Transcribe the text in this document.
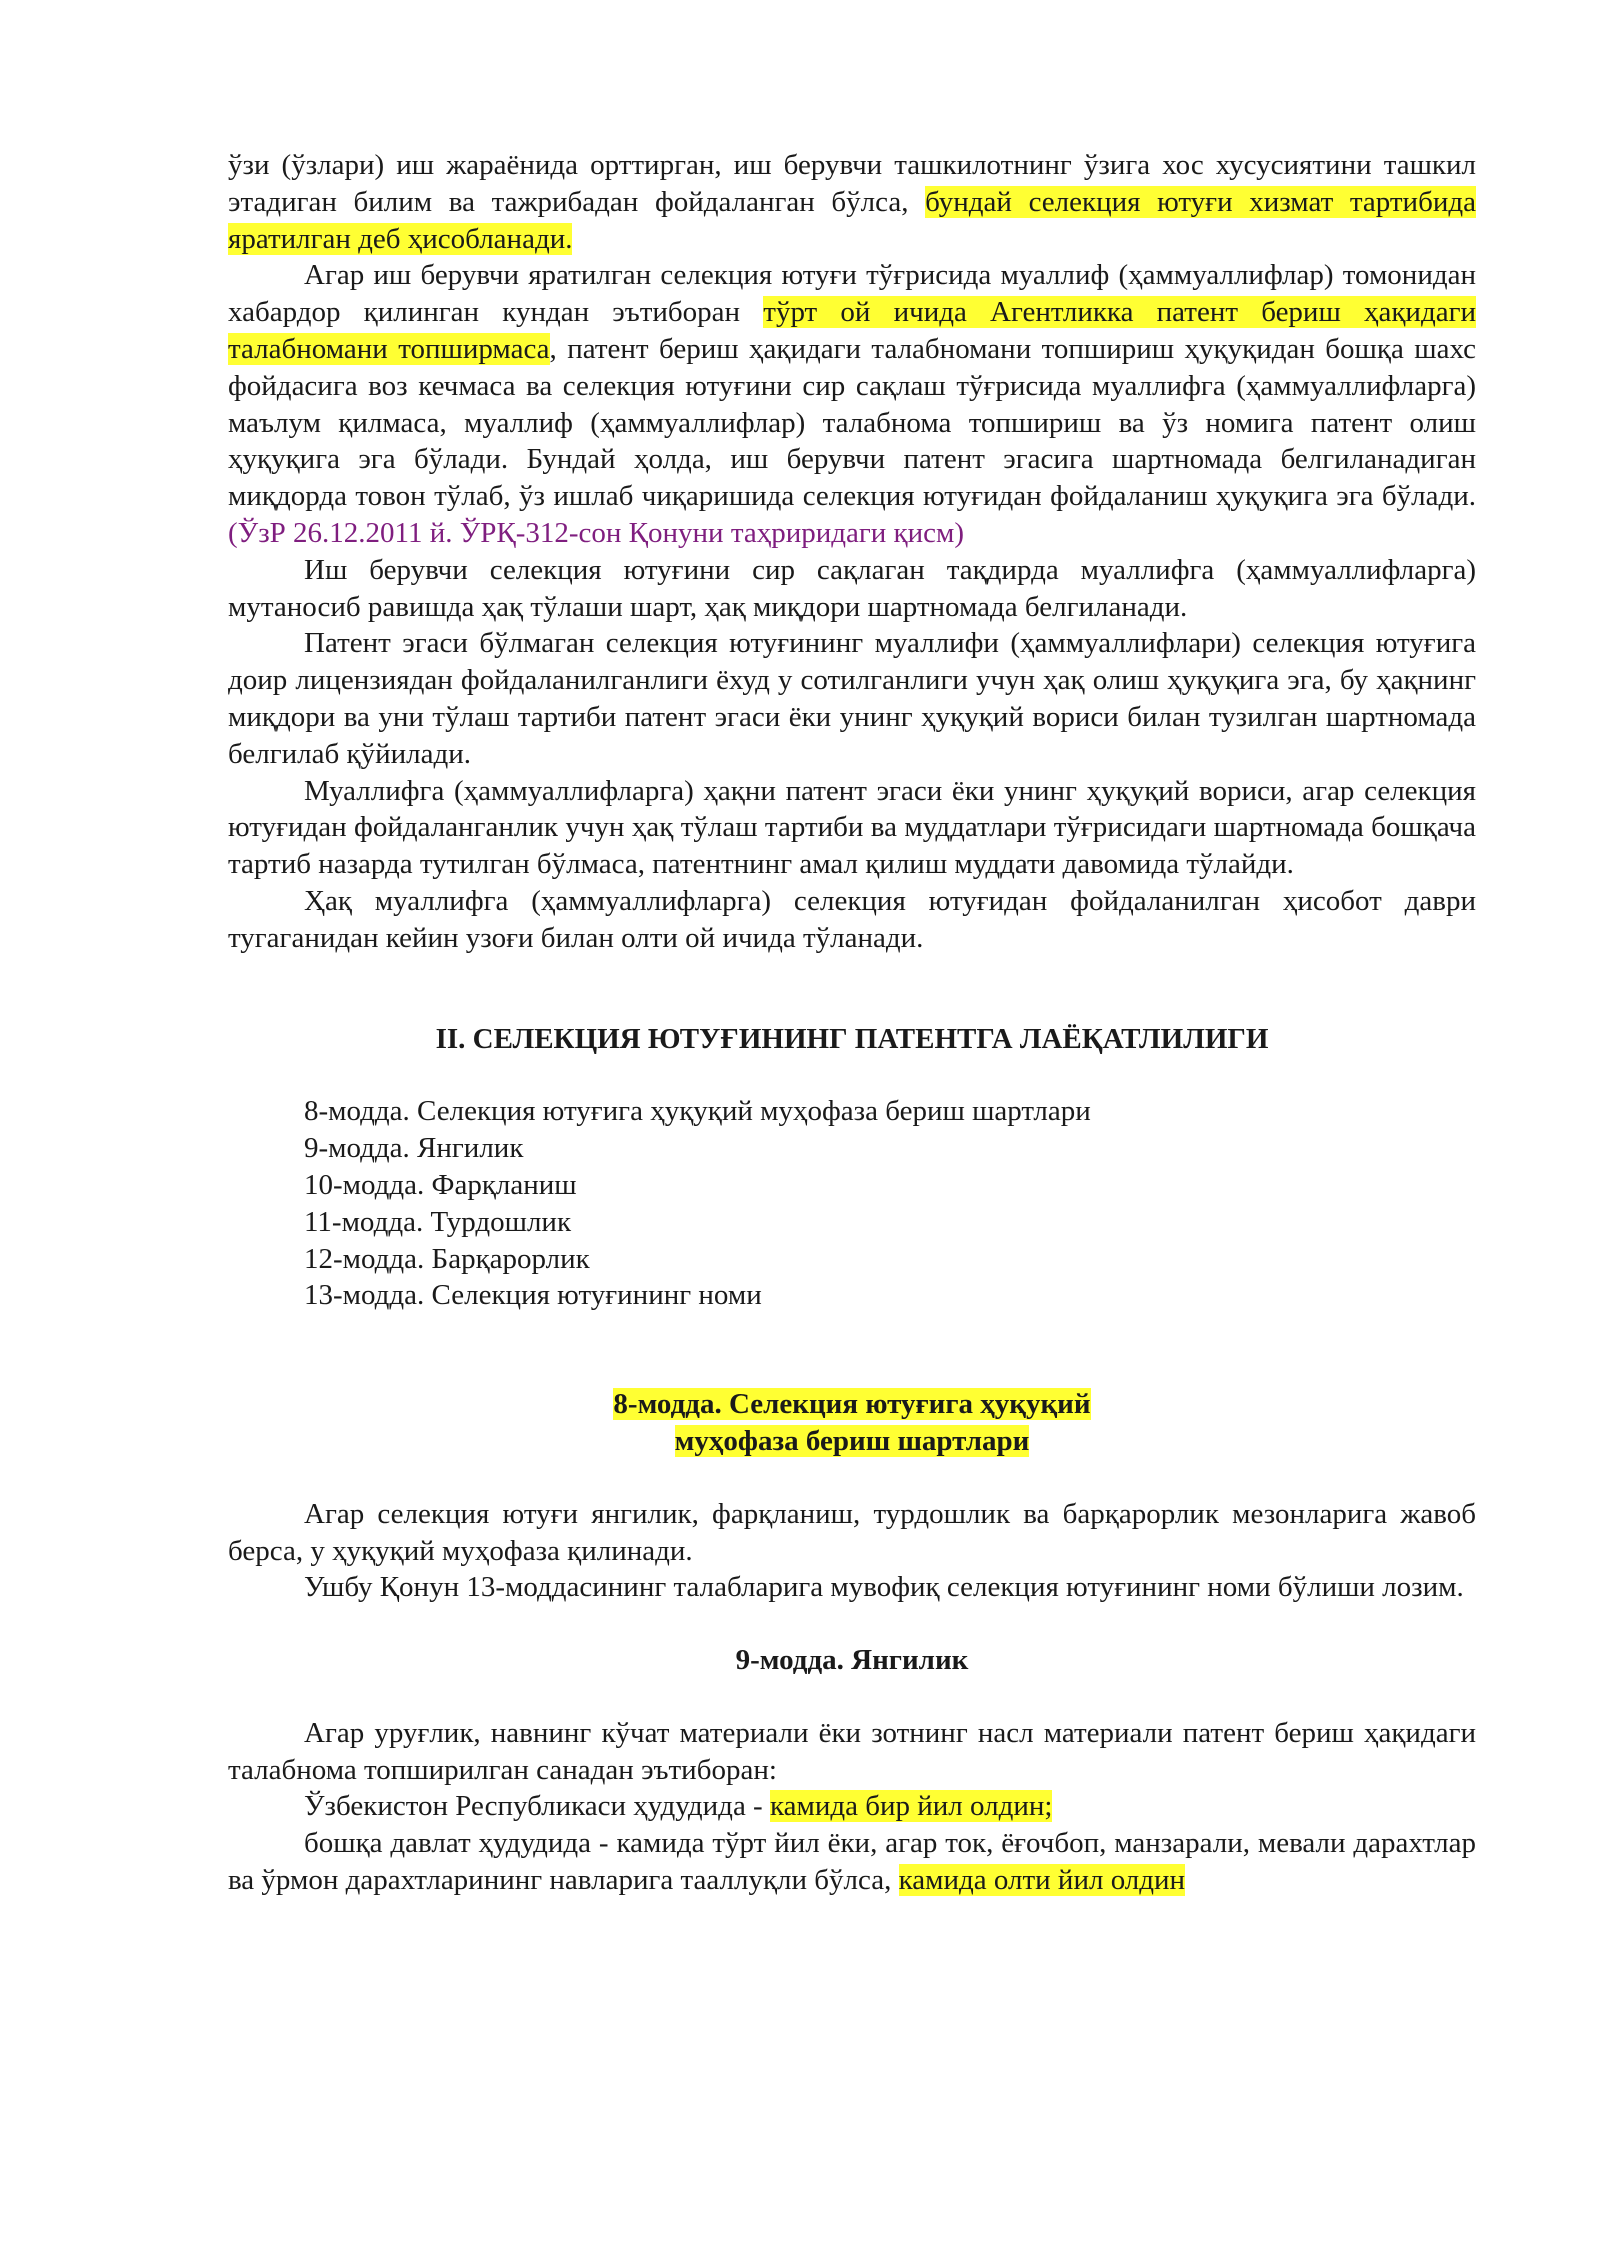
ўзи (ўзлари) иш жараёнида орттирган, иш берувчи ташкилотнинг ўзига хос хусусиятини ташкил этадиган билим ва тажрибадан фойдаланган бўлса, бундай селекция ютуғи хизмат тартибида яратилган деб ҳисобланади.

Агар иш берувчи яратилган селекция ютуғи тўғрисида муаллиф (ҳаммуаллифлар) томонидан хабардор қилинган кундан эътиборан тўрт ой ичида Агентликка патент бериш ҳақидаги талабномани топширмаса, патент бериш ҳақидаги талабномани топшириш ҳуқуқидан бошқа шахс фойдасига воз кечмаса ва селекция ютуғини сир сақлаш тўғрисида муаллифга (ҳаммуаллифларга) маълум қилмаса, муаллиф (ҳаммуаллифлар) талабнома топшириш ва ўз номига патент олиш ҳуқуқига эга бўлади. Бундай ҳолда, иш берувчи патент эгасига шартномада белгиланадиган миқдорда товон тўлаб, ўз ишлаб чиқаришида селекция ютуғидан фойдаланиш ҳуқуқига эга бўлади. (ЎзР 26.12.2011 й. ЎРҚ-312-сон Қонуни таҳриридаги қисм)

Иш берувчи селекция ютуғини сир сақлаган тақдирда муаллифга (ҳаммуаллифларга) мутаносиб равишда ҳақ тўлаши шарт, ҳақ миқдори шартномада белгиланади.

Патент эгаси бўлмаган селекция ютуғининг муаллифи (ҳаммуаллифлари) селекция ютуғига доир лицензиядан фойдаланилганлиги ёхуд у сотилганлиги учун ҳақ олиш ҳуқуқига эга, бу ҳақнинг миқдори ва уни тўлаш тартиби патент эгаси ёки унинг ҳуқуқий вориси билан тузилган шартномада белгилаб қўйилади.

Муаллифга (ҳаммуаллифларга) ҳақни патент эгаси ёки унинг ҳуқуқий вориси, агар селекция ютуғидан фойдаланганлик учун ҳақ тўлаш тартиби ва муддатлари тўғрисидаги шартномада бошқача тартиб назарда тутилган бўлмаса, патентнинг амал қилиш муддати давомида тўлайди.

Ҳақ муаллифга (ҳаммуаллифларга) селекция ютуғидан фойдаланилган ҳисобот даври тугаганидан кейин узоғи билан олти ой ичида тўланади.

II. СЕЛЕКЦИЯ ЮТУҒИНИНГ ПАТЕНТГА ЛАЁҚАТЛИЛИГИ

8-модда. Селекция ютуғига ҳуқуқий муҳофаза бериш шартлари
9-модда. Янгилик
10-модда. Фарқланиш
11-модда. Турдошлик
12-модда. Барқарорлик
13-модда. Селекция ютуғининг номи

8-модда. Селекция ютуғига ҳуқуқий
муҳофаза бериш шартлари

Агар селекция ютуғи янгилик, фарқланиш, турдошлик ва барқарорлик мезонларига жавоб берса, у ҳуқуқий муҳофаза қилинади.

Ушбу Қонун 13-моддасининг талабларига мувофиқ селекция ютуғининг номи бўлиши лозим.

9-модда. Янгилик

Агар уруғлик, навнинг кўчат материали ёки зотнинг насл материали патент бериш ҳақидаги талабнома топширилган санадан эътиборан:

Ўзбекистон Республикаси ҳудудида - камида бир йил олдин;

бошқа давлат ҳудудида - камида тўрт йил ёки, агар ток, ёғочбоп, манзарали, мевали дарахтлар ва ўрмон дарахтларининг навларига тааллуқли бўлса, камида олти йил олдин
